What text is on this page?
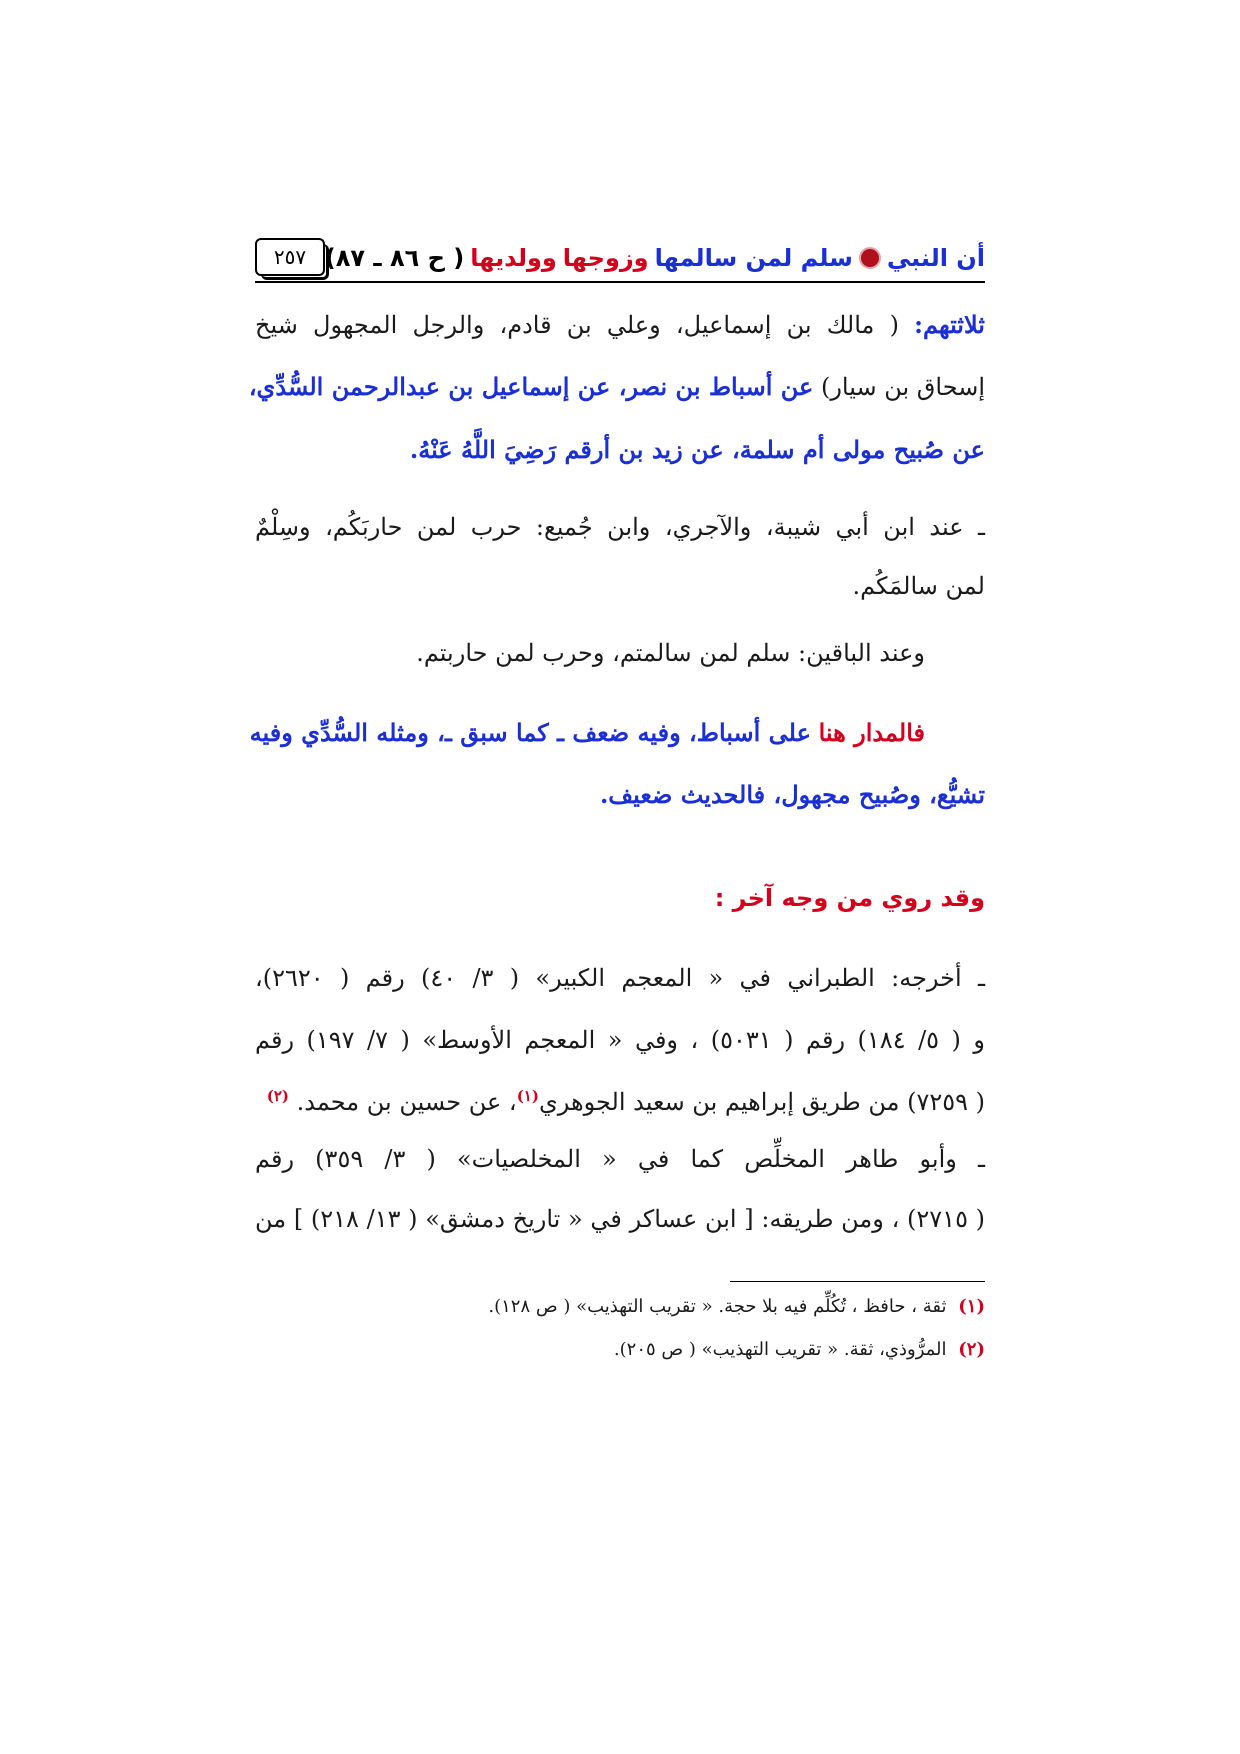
أن النبي
سلم لمن سالمها
وزوجها
وولديها
( ح ٨٦ ـ ٨٧)
٢٥٧
ثلاثتهم: ( مالك بن إسماعيل، وعلي بن قادم، والرجل المجهول شيخ
إسحاق بن سيار) عن أسباط بن نصر، عن إسماعيل بن عبدالرحمن السُّدِّي،
عن صُبيح مولى أم سلمة، عن زيد بن أرقم رَضِيَ اللَّهُ عَنْهُ.
ـ عند ابن أبي شيبة، والآجري، وابن جُميع: حرب لمن حاربَكُم، وسِلْمٌ
لمن سالمَكُم.
وعند الباقين: سلم لمن سالمتم، وحرب لمن حاربتم.
فالمدار هنا على أسباط، وفيه ضعف ـ كما سبق ـ، ومثله السُّدِّي وفيه
تشيُّع، وصُبيح مجهول، فالحديث ضعيف.
وقد روي من وجه آخر :
ـ أخرجه: الطبراني في « المعجم الكبير» ( ٣/ ٤٠) رقم ( ٢٦٢٠)،
و ( ٥/ ١٨٤) رقم ( ٥٠٣١) ، وفي « المعجم الأوسط» ( ٧/ ١٩٧) رقم
( ٧٢٥٩) من طريق إبراهيم بن سعيد الجوهري$^{(١)}$، عن حسين بن محمد. $^{(٢)}$
ـ وأبو طاهر المخلِّص كما في « المخلصيات» ( ٣/ ٣٥٩) رقم
( ٢٧١٥) ، ومن طريقه: [ ابن عساكر في « تاريخ دمشق» ( ١٣/ ٢١٨) ] من
(١) ثقة ، حافظ ، تُكُلِّم فيه بلا حجة. « تقريب التهذيب» ( ص ١٢٨).
(٢) المرُّوذي، ثقة. « تقريب التهذيب» ( ص ٢٠٥).
